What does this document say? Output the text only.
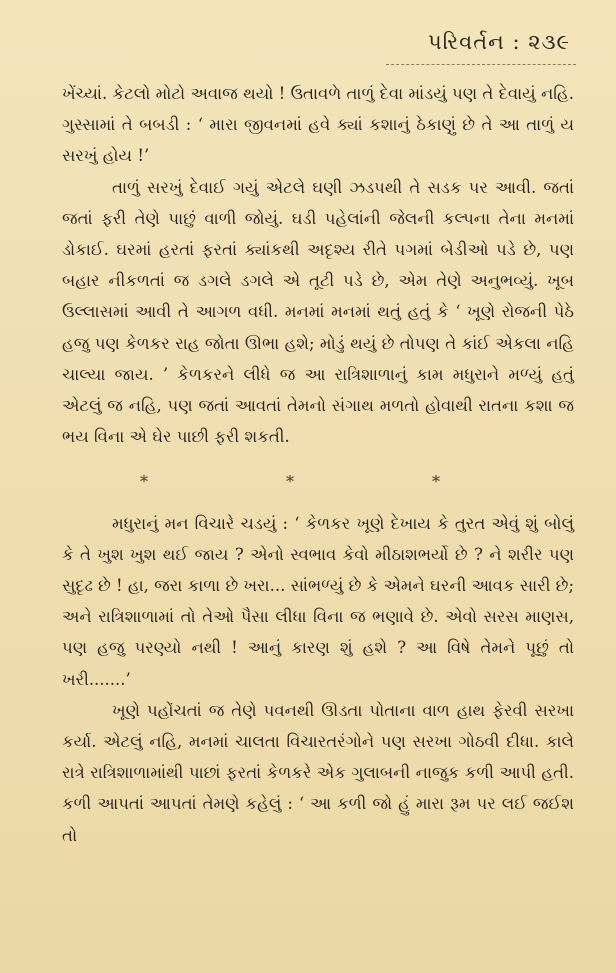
પરિવર્તન : ૨૩૯

ખેંચ્યાં. કેટલો મોટો અવાજ થયો ! ઉતાવળે તાળું દેવા માંડયું પણ તે દેવાયું નહિ. ગુસ્સામાં તે બબડી : ‘ મારા જીવનમાં હવે ક્યાં કશાનું ઠેકાણું છે તે આ તાળું ય સરખું હોય !’

તાળું સરખું દેવાઈ ગયું એટલે ઘણી ઝડપથી તે સડક પર આવી. જતાં જતાં ફરી તેણે પાછું વાળી જોયું. ઘડી પહેલાંની જેલની કલ્પના તેના મનમાં ડોકાઈ. ઘરમાં હરતાં ફરતાં ક્યાંકથી અદૃશ્ય રીતે પગમાં બેડીઓ પડે છે, પણ બહાર નીકળતાં જ ડગલે ડગલે એ તૂટી પડે છે, એમ તેણે અનુભવ્યું. ખૂબ ઉલ્લાસમાં આવી તે આગળ વધી. મનમાં મનમાં થતું હતું કે ‘ ખૂણે રોજની પેઠે હજુ પણ કેળકર રાહ જોતા ઊભા હશે; મોડું થયું છે તોપણ તે કાંઈ એકલા નહિ ચાલ્યા જાય. ’ કેળકરને લીધે જ આ રાત્રિશાળાનું કામ મધુરાને મળ્યું હતું એટલું જ નહિ, પણ જતાં આવતાં તેમનો સંગાથ મળતો હોવાથી રાતના કશા જ ભય વિના એ ઘેર પાછી ફરી શકતી.

*	*	*

મધુરાનું મન વિચારે ચડયું : ‘ કેળકર ખૂણે દેખાય કે તુરત એવું શું બોલું કે તે ખુશ ખુશ થઈ જાય ? એનો સ્વભાવ કેવો મીઠાશભર્યો છે ? ને શરીર પણ સુદૃઢ છે ! હા, જરા કાળા છે ખરા... સાંભળ્યું છે કે એમને ઘરની આવક સારી છે; અને રાત્રિશાળામાં તો તેઓ પૈસા લીધા વિના જ ભણાવે છે. એવો સરસ માણસ, પણ હજુ પરણ્યો નથી ! આનું કારણ શું હશે ? આ વિષે તેમને પૂછું તો ખરી.......’

ખૂણે પહોંચતાં જ તેણે પવનથી ઊડતા પોતાના વાળ હાથ ફેરવી સરખા કર્યા. એટલું નહિ, મનમાં ચાલતા વિચારતરંગોને પણ સરખા ગોઠવી દીધા. કાલે રાત્રે રાત્રિશાળામાંથી પાછાં ફરતાં કેળકરે એક ગુલાબની નાજુક કળી આપી હતી. કળી આપતાં આપતાં તેમણે કહેલું : ‘ આ કળી જો હું મારા રૂમ પર લઈ જઈશ તો
